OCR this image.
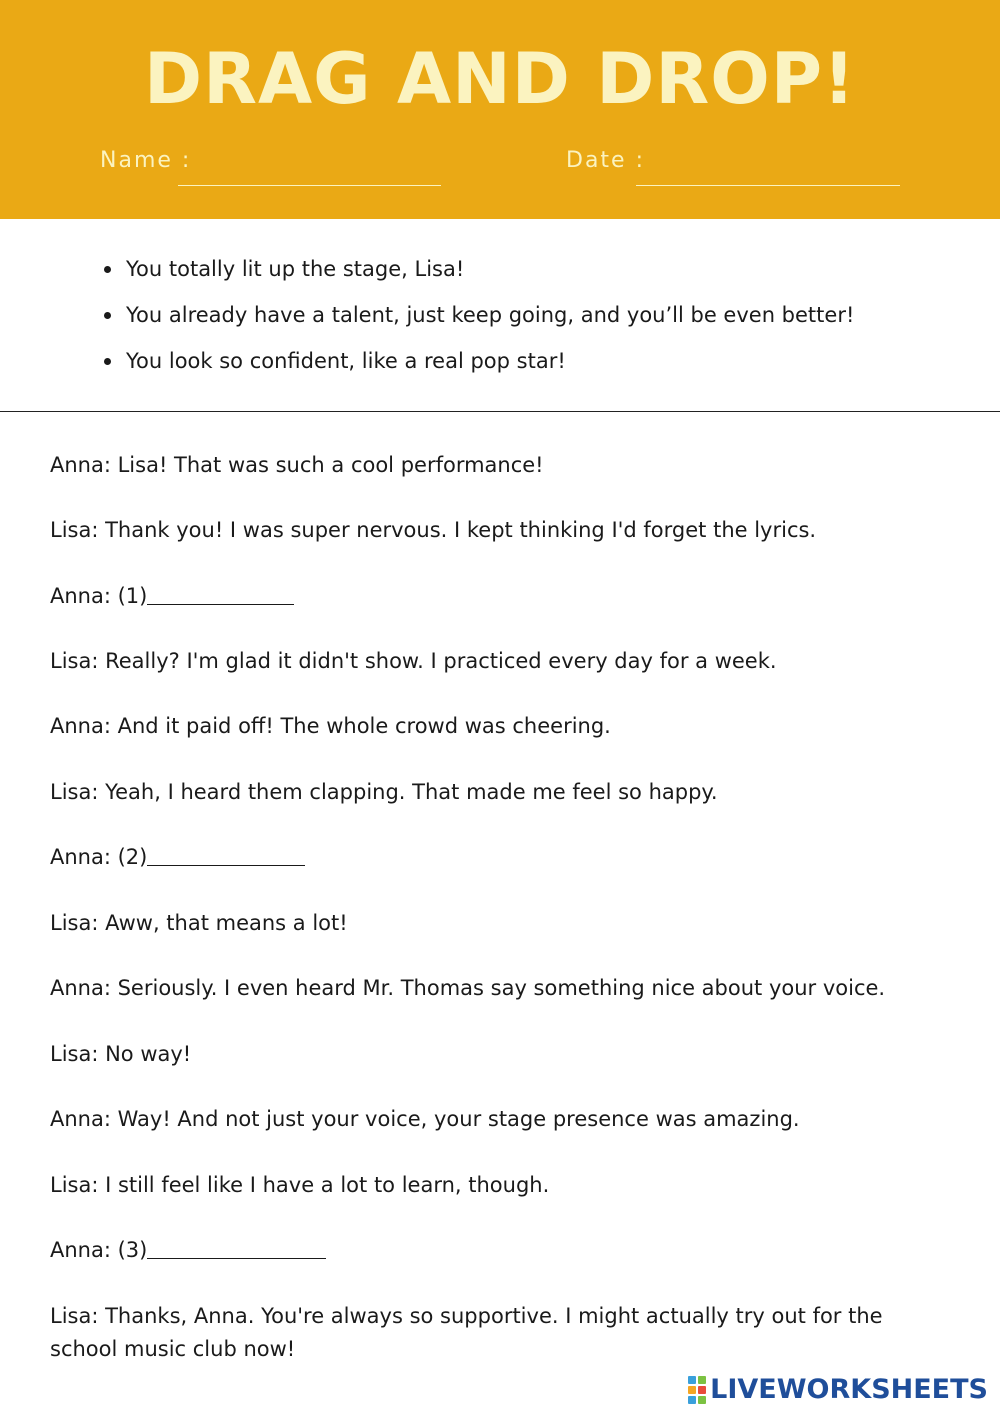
DRAG AND DROP!
Name :	Date :
You totally lit up the stage, Lisa!
You already have a talent, just keep going, and you’ll be even better!
You look so confident, like a real pop star!

Anna: Lisa! That was such a cool performance!

Lisa: Thank you! I was super nervous. I kept thinking I'd forget the lyrics.

Anna: (1)

Lisa: Really? I'm glad it didn't show. I practiced every day for a week.

Anna: And it paid off! The whole crowd was cheering.

Lisa: Yeah, I heard them clapping. That made me feel so happy.

Anna: (2)

Lisa: Aww, that means a lot!

Anna: Seriously. I even heard Mr. Thomas say something nice about your voice.

Lisa: No way!

Anna: Way! And not just your voice, your stage presence was amazing.

Lisa: I still feel like I have a lot to learn, though.

Anna: (3)

Lisa: Thanks, Anna. You're always so supportive. I might actually try out for the school music club now!

LIVEWORKSHEETS
